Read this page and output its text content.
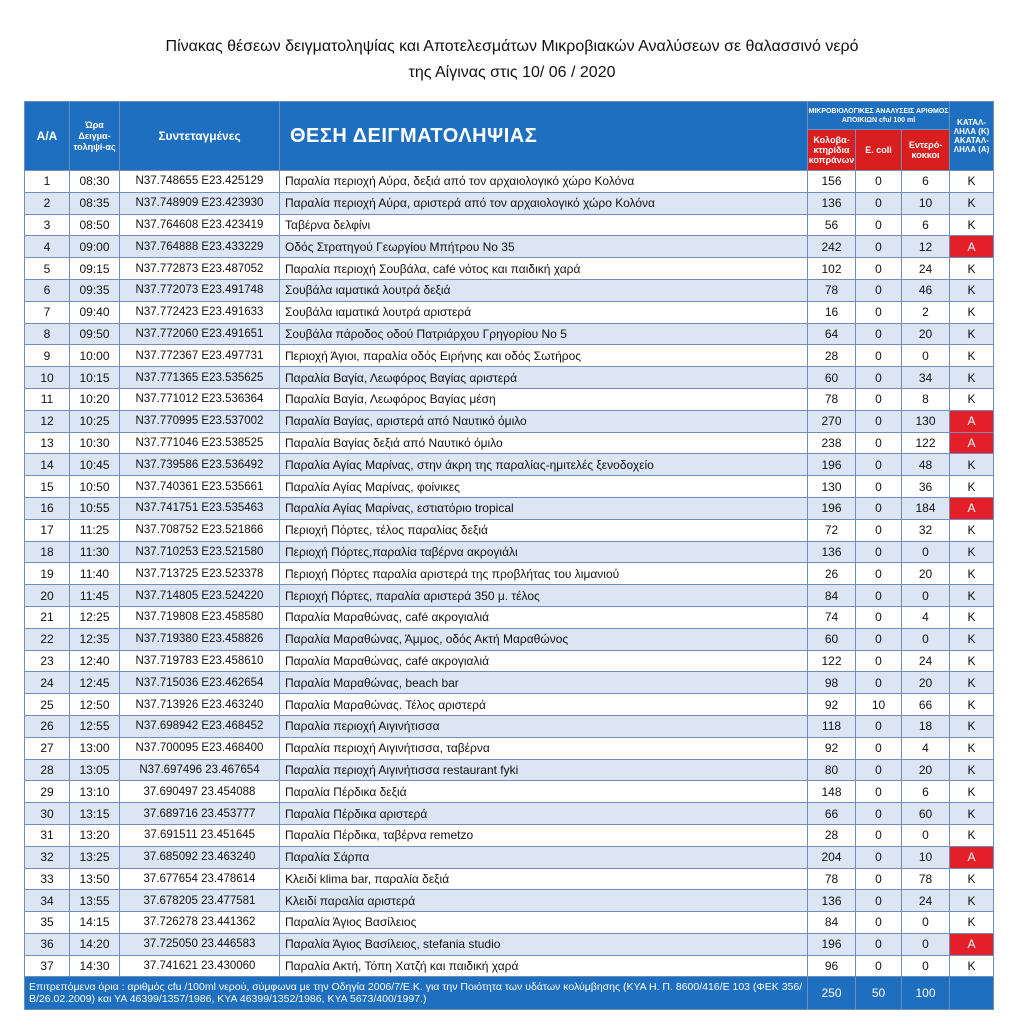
Πίνακας θέσεων δειγματοληψίας και Αποτελεσμάτων Μικροβιακών Αναλύσεων σε θαλασσινό νερό
της Αίγινας στις 10/ 06 / 2020
Α/Α	Ώρα Δειγμα-τοληψί-ας	Συντεταγμένες	ΘΕΣΗ ΔΕΙΓΜΑΤΟΛΗΨΙΑΣ	ΜΙΚΡΟΒΙΟΛΟΓΙΚΕΣ ΑΝΑΛΥΣΕΙΣ ΑΡΙΘΜΟΣ ΑΠΟΙΚΙΩΝ cfu/ 100 ml			ΚΑΤΑΛ-ΛΗΛΑ (Κ) ΑΚΑΤΑΛ-ΛΗΛΑ (Α)
				Κολοβα-κτηρίδια κοπράνων	E. coli	Εντερό-κοκκοι	
1	08:30	N37.748655 E23.425129	Παραλία περιοχή Αύρα, δεξιά από τον αρχαιολογικό χώρο Κολόνα	156	0	6	Κ
2	08:35	N37.748909 E23.423930	Παραλία περιοχή Αύρα, αριστερά από τον αρχαιολογικό χώρο Κολόνα	136	0	10	Κ
3	08:50	N37.764608 E23.423419	Ταβέρνα δελφίνι	56	0	6	Κ
4	09:00	N37.764888 E23.433229	Οδός Στρατηγού Γεωργίου Μπήτρου Νο 35	242	0	12	Α
5	09:15	N37.772873 E23.487052	Παραλία περιοχή Σουβάλα, café νότος και παιδική χαρά	102	0	24	Κ
6	09:35	N37.772073 E23.491748	Σουβάλα ιαματικά λουτρά δεξιά	78	0	46	Κ
7	09:40	N37.772423 E23.491633	Σουβάλα ιαματικά λουτρά αριστερά	16	0	2	Κ
8	09:50	N37.772060 E23.491651	Σουβάλα πάροδος οδού Πατριάρχου Γρηγορίου Νο 5	64	0	20	Κ
9	10:00	N37.772367 E23.497731	Περιοχή Άγιοι, παραλία οδός Ειρήνης και οδός Σωτήρος	28	0	0	Κ
10	10:15	N37.771365 E23.535625	Παραλία Βαγία, Λεωφόρος Βαγίας αριστερά	60	0	34	Κ
11	10:20	N37.771012 E23.536364	Παραλία Βαγία, Λεωφόρος Βαγίας μέση	78	0	8	Κ
12	10:25	N37.770995 E23.537002	Παραλία Βαγίας, αριστερά από Ναυτικό όμιλο	270	0	130	Α
13	10:30	N37.771046 E23.538525	Παραλία Βαγίας δεξιά από Ναυτικό όμιλο	238	0	122	Α
14	10:45	N37.739586 E23.536492	Παραλία Αγίας Μαρίνας, στην άκρη της παραλίας-ημιτελές ξενοδοχείο	196	0	48	Κ
15	10:50	N37.740361 E23.535661	Παραλία Αγίας Μαρίνας, φοίνικες	130	0	36	Κ
16	10:55	N37.741751 E23.535463	Παραλία Αγίας Μαρίνας, εστιατόριο tropical	196	0	184	Α
17	11:25	N37.708752 E23.521866	Περιοχή Πόρτες, τέλος παραλίας δεξιά	72	0	32	Κ
18	11:30	N37.710253 E23.521580	Περιοχή Πόρτες,παραλία ταβέρνα ακρογιάλι	136	0	0	Κ
19	11:40	N37.713725 E23.523378	Περιοχή Πόρτες παραλία αριστερά της προβλήτας του λιμανιού	26	0	20	Κ
20	11:45	N37.714805 E23.524220	Περιοχή Πόρτες, παραλία αριστερά 350 μ. τέλος	84	0	0	Κ
21	12:25	N37.719808 E23.458580	Παραλία Μαραθώνας, café ακρογιαλιά	74	0	4	Κ
22	12:35	N37.719380 E23.458826	Παραλία Μαραθώνας, Άμμος, οδός Ακτή Μαραθώνος	60	0	0	Κ
23	12:40	N37.719783 E23.458610	Παραλία Μαραθώνας, café ακρογιαλιά	122	0	24	Κ
24	12:45	N37.715036 E23.462654	Παραλία Μαραθώνας, beach bar	98	0	20	Κ
25	12:50	N37.713926 E23.463240	Παραλία Μαραθώνας. Τέλος αριστερά	92	10	66	Κ
26	12:55	N37.698942 E23.468452	Παραλία περιοχή Αιγινήτισσα	118	0	18	Κ
27	13:00	N37.700095 E23.468400	Παραλία περιοχή Αιγινήτισσα, ταβέρνα	92	0	4	Κ
28	13:05	N37.697496 23.467654	Παραλία περιοχή Αιγινήτισσα restaurant fyki	80	0	20	Κ
29	13:10	37.690497 23.454088	Παραλία Πέρδικα δεξιά	148	0	6	Κ
30	13:15	37.689716 23.453777	Παραλία Πέρδικα αριστερά	66	0	60	Κ
31	13:20	37.691511 23.451645	Παραλία Πέρδικα, ταβέρνα remetzo	28	0	0	Κ
32	13:25	37.685092 23.463240	Παραλία Σάρπα	204	0	10	Α
33	13:50	37.677654 23.478614	Κλειδί klima bar, παραλία δεξιά	78	0	78	Κ
34	13:55	37.678205 23.477581	Κλειδί παραλία αριστερά	136	0	24	Κ
35	14:15	37.726278 23.441362	Παραλία Άγιος Βασίλειος	84	0	0	Κ
36	14:20	37.725050 23.446583	Παραλία Άγιος Βασίλειος, stefania studio	196	0	0	Α
37	14:30	37.741621 23.430060	Παραλία Ακτή, Τόπη Χατζή και παιδική χαρά	96	0	0	Κ
Επιτρεπόμενα όρια : αριθμός cfu /100ml νερού, σύμφωνα με την Οδηγία 2006/7/Ε.Κ. για την Ποιότητα των υδάτων κολύμβησης (ΚΥΑ Η. Π. 8600/416/Ε 103 (ΦΕΚ 356/Β/26.02.2009) και ΥΑ 46399/1357/1986, ΚΥΑ 46399/1352/1986, ΚΥΑ 5673/400/1997.)				250	50	100	
